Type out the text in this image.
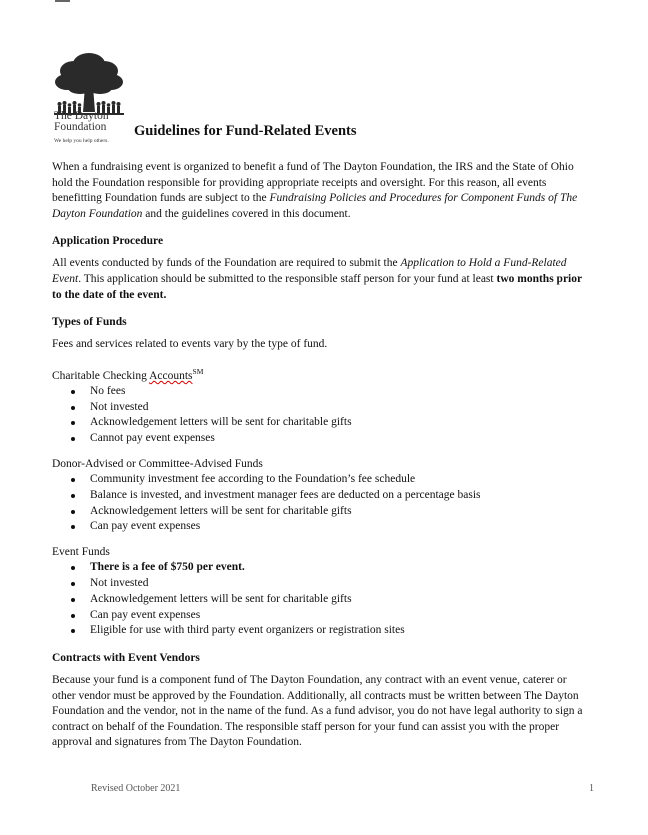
The Dayton
Foundation
We help you help others.
Guidelines for Fund-Related Events

When a fundraising event is organized to benefit a fund of The Dayton Foundation, the IRS and the State of Ohio hold the Foundation responsible for providing appropriate receipts and oversight. For this reason, all events benefitting Foundation funds are subject to the Fundraising Policies and Procedures for Component Funds of The Dayton Foundation and the guidelines covered in this document.

Application Procedure

All events conducted by funds of the Foundation are required to submit the Application to Hold a Fund-Related Event. This application should be submitted to the responsible staff person for your fund at least two months prior to the date of the event.

Types of Funds

Fees and services related to events vary by the type of fund.

Charitable Checking Accounts℠
No fees
Not invested
Acknowledgement letters will be sent for charitable gifts
Cannot pay event expenses
Donor-Advised or Committee-Advised Funds
Community investment fee according to the Foundation’s fee schedule
Balance is invested, and investment manager fees are deducted on a percentage basis
Acknowledgement letters will be sent for charitable gifts
Can pay event expenses
Event Funds
There is a fee of $750 per event.
Not invested
Acknowledgement letters will be sent for charitable gifts
Can pay event expenses
Eligible for use with third party event organizers or registration sites
Contracts with Event Vendors

Because your fund is a component fund of The Dayton Foundation, any contract with an event venue, caterer or other vendor must be approved by the Foundation. Additionally, all contracts must be written between The Dayton Foundation and the vendor, not in the name of the fund. As a fund advisor, you do not have legal authority to sign a contract on behalf of the Foundation. The responsible staff person for your fund can assist you with the proper approval and signatures from The Dayton Foundation.

Revised October 2021	1
